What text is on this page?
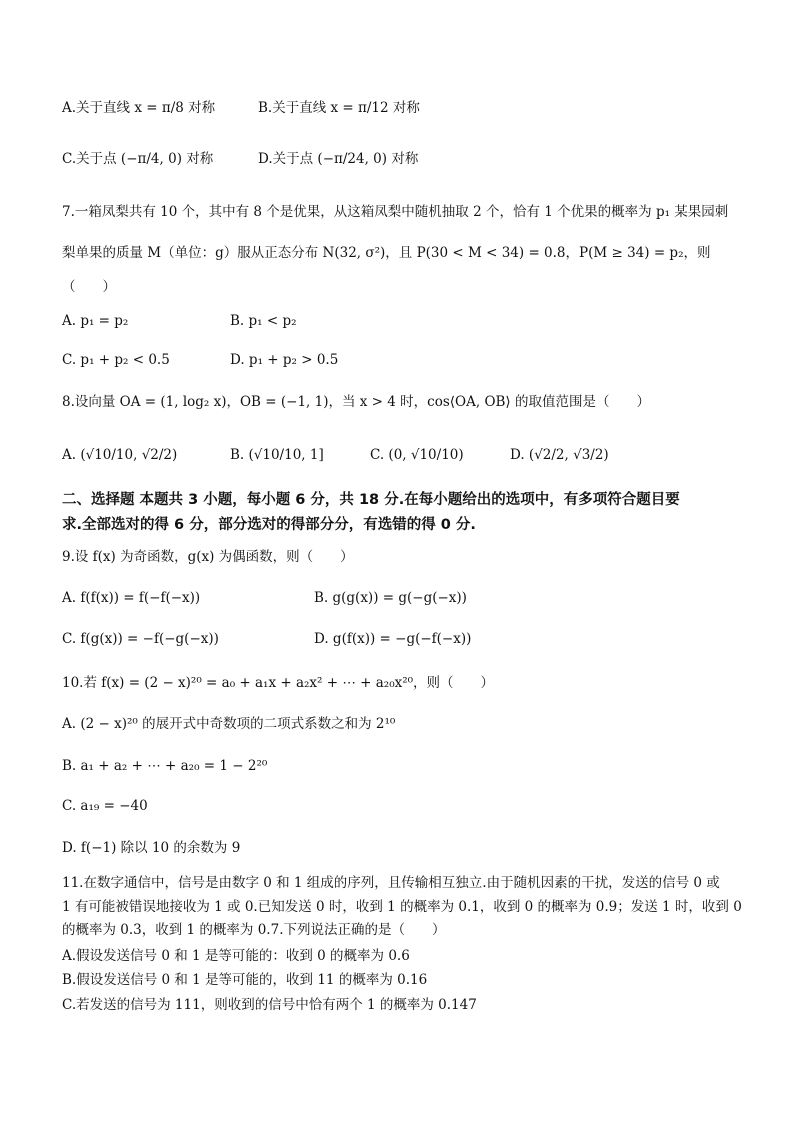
A.关于直线 x = π/8 对称	B.关于直线 x = π/12 对称
C.关于点 (−π/4, 0) 对称	D.关于点 (−π/24, 0) 对称
7.一箱凤梨共有 10 个，其中有 8 个是优果，从这箱凤梨中随机抽取 2 个，恰有 1 个优果的概率为 p₁ 某果园刺
梨单果的质量 M（单位：g）服从正态分布 N(32, σ²)，且 P(30 < M < 34) = 0.8，P(M ≥ 34) = p₂，则
（　　）
A. p₁ = p₂	B. p₁ < p₂
C. p₁ + p₂ < 0.5	D. p₁ + p₂ > 0.5
8.设向量 OA = (1, log₂ x)，OB = (−1, 1)，当 x > 4 时，cos⟨OA, OB⟩ 的取值范围是（　　）
A. (√10/10, √2/2)	B. (√10/10, 1]	C. (0, √10/10)	D. (√2/2, √3/2)
二、选择题 本题共 3 小题，每小题 6 分，共 18 分.在每小题给出的选项中，有多项符合题目要
求.全部选对的得 6 分，部分选对的得部分分，有选错的得 0 分.
9.设 f(x) 为奇函数，g(x) 为偶函数，则（　　）
A. f(f(x)) = f(−f(−x))	B. g(g(x)) = g(−g(−x))
C. f(g(x)) = −f(−g(−x))	D. g(f(x)) = −g(−f(−x))
10.若 f(x) = (2 − x)²⁰ = a₀ + a₁x + a₂x² + ⋯ + a₂₀x²⁰，则（　　）
A. (2 − x)²⁰ 的展开式中奇数项的二项式系数之和为 2¹⁰
B. a₁ + a₂ + ⋯ + a₂₀ = 1 − 2²⁰
C. a₁₉ = −40
D. f(−1) 除以 10 的余数为 9
11.在数字通信中，信号是由数字 0 和 1 组成的序列，且传输相互独立.由于随机因素的干扰，发送的信号 0 或
1 有可能被错误地接收为 1 或 0.已知发送 0 时，收到 1 的概率为 0.1，收到 0 的概率为 0.9；发送 1 时，收到 0
的概率为 0.3，收到 1 的概率为 0.7.下列说法正确的是（　　）
A.假设发送信号 0 和 1 是等可能的：收到 0 的概率为 0.6
B.假设发送信号 0 和 1 是等可能的，收到 11 的概率为 0.16
C.若发送的信号为 111，则收到的信号中恰有两个 1 的概率为 0.147
